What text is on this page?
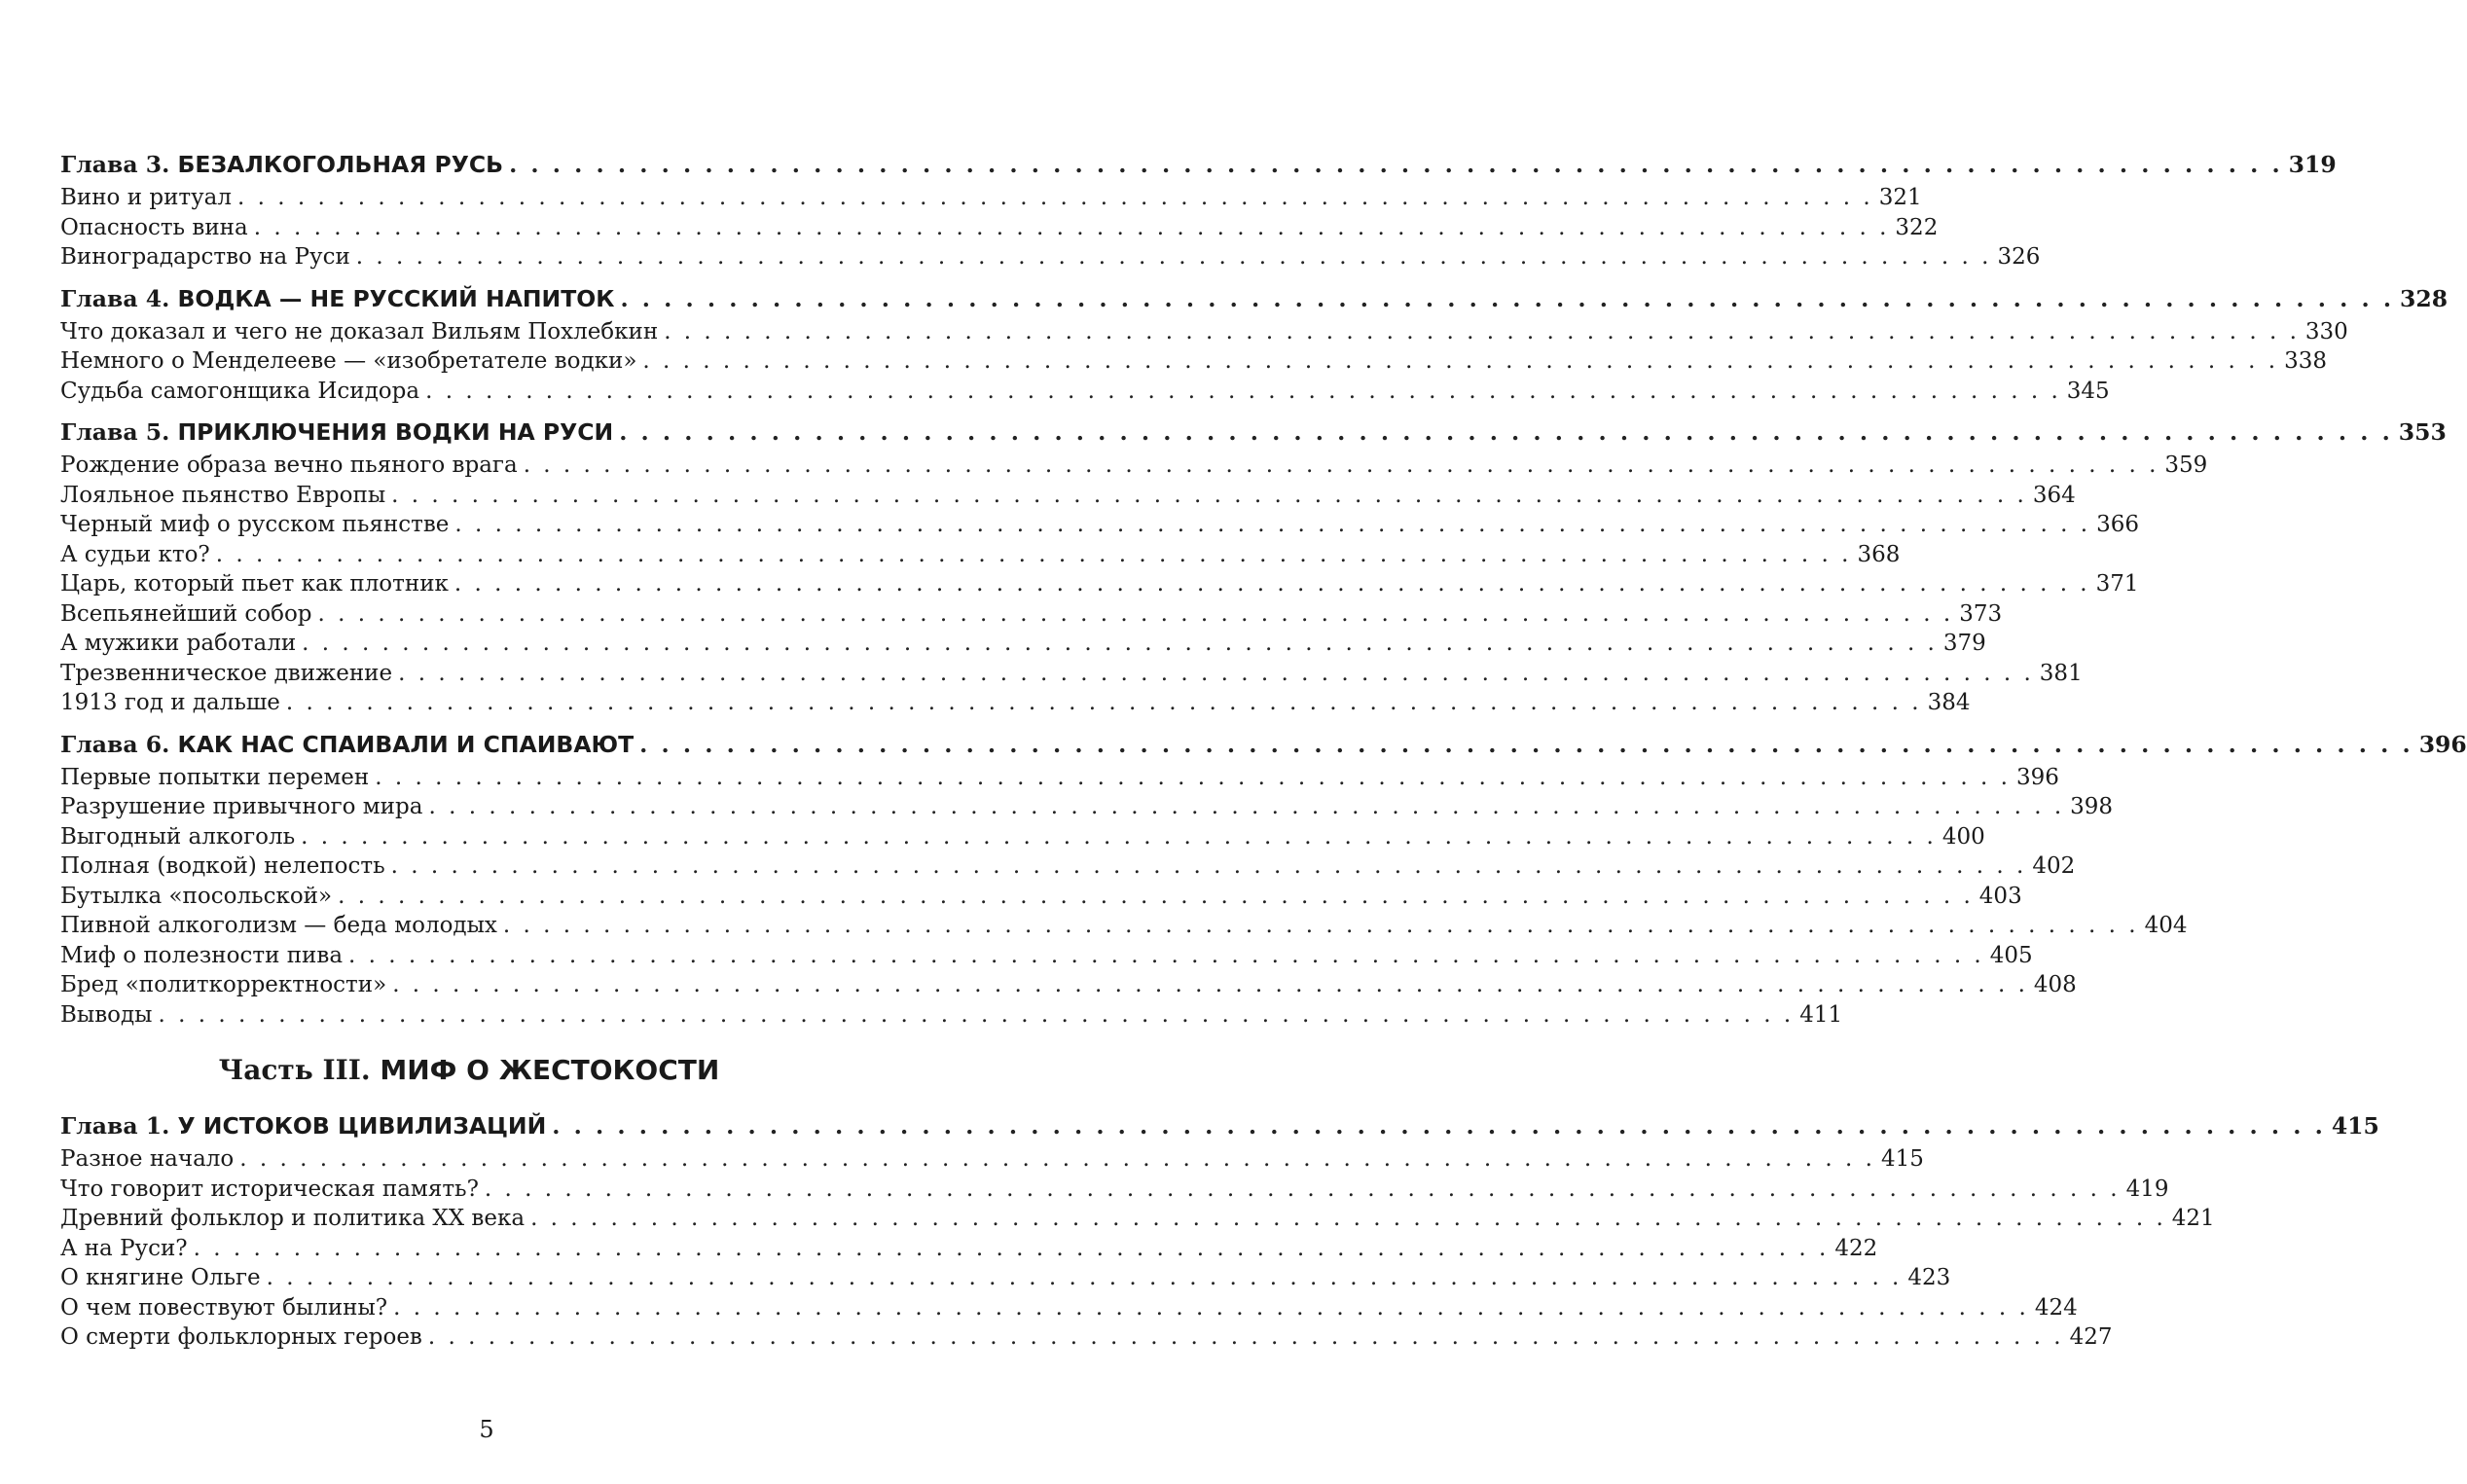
Глава 3. БЕЗАЛКОГОЛЬНАЯ РУСЬ . . . . . . . . . . . . . . . . . . . . . . . . . . . . . . . . . . . . . . . . . . . . . . . . . . . . . . . . . . . . . . . . . . . . . . . . . . . . . . . . . . 319
Вино и ритуал . . . . . . . . . . . . . . . . . . . . . . . . . . . . . . . . . . . . . . . . . . . . . . . . . . . . . . . . . . . . . . . . . . . . . . . . . . . . . . . . . . 321
Опасность вина . . . . . . . . . . . . . . . . . . . . . . . . . . . . . . . . . . . . . . . . . . . . . . . . . . . . . . . . . . . . . . . . . . . . . . . . . . . . . . . . . . 322
Виноградарство на Руси . . . . . . . . . . . . . . . . . . . . . . . . . . . . . . . . . . . . . . . . . . . . . . . . . . . . . . . . . . . . . . . . . . . . . . . . . . . . . . . . . . 326
Глава 4. ВОДКА — НЕ РУССКИЙ НАПИТОК . . . . . . . . . . . . . . . . . . . . . . . . . . . . . . . . . . . . . . . . . . . . . . . . . . . . . . . . . . . . . . . . . . . . . . . . . . . . . . . . . . 328
Что доказал и чего не доказал Вильям Похлебкин . . . . . . . . . . . . . . . . . . . . . . . . . . . . . . . . . . . . . . . . . . . . . . . . . . . . . . . . . . . . . . . . . . . . . . . . . . . . . . . . . . 330
Немного о Менделееве — «изобретателе водки» . . . . . . . . . . . . . . . . . . . . . . . . . . . . . . . . . . . . . . . . . . . . . . . . . . . . . . . . . . . . . . . . . . . . . . . . . . . . . . . . . . 338
Судьба самогонщика Исидора . . . . . . . . . . . . . . . . . . . . . . . . . . . . . . . . . . . . . . . . . . . . . . . . . . . . . . . . . . . . . . . . . . . . . . . . . . . . . . . . . . 345
Глава 5. ПРИКЛЮЧЕНИЯ ВОДКИ НА РУСИ . . . . . . . . . . . . . . . . . . . . . . . . . . . . . . . . . . . . . . . . . . . . . . . . . . . . . . . . . . . . . . . . . . . . . . . . . . . . . . . . . . 353
Рождение образа вечно пьяного врага . . . . . . . . . . . . . . . . . . . . . . . . . . . . . . . . . . . . . . . . . . . . . . . . . . . . . . . . . . . . . . . . . . . . . . . . . . . . . . . . . . 359
Лояльное пьянство Европы . . . . . . . . . . . . . . . . . . . . . . . . . . . . . . . . . . . . . . . . . . . . . . . . . . . . . . . . . . . . . . . . . . . . . . . . . . . . . . . . . . 364
Черный миф о русском пьянстве . . . . . . . . . . . . . . . . . . . . . . . . . . . . . . . . . . . . . . . . . . . . . . . . . . . . . . . . . . . . . . . . . . . . . . . . . . . . . . . . . . 366
А судьи кто? . . . . . . . . . . . . . . . . . . . . . . . . . . . . . . . . . . . . . . . . . . . . . . . . . . . . . . . . . . . . . . . . . . . . . . . . . . . . . . . . . . 368
Царь, который пьет как плотник . . . . . . . . . . . . . . . . . . . . . . . . . . . . . . . . . . . . . . . . . . . . . . . . . . . . . . . . . . . . . . . . . . . . . . . . . . . . . . . . . . 371
Всепьянейший собор . . . . . . . . . . . . . . . . . . . . . . . . . . . . . . . . . . . . . . . . . . . . . . . . . . . . . . . . . . . . . . . . . . . . . . . . . . . . . . . . . . 373
А мужики работали . . . . . . . . . . . . . . . . . . . . . . . . . . . . . . . . . . . . . . . . . . . . . . . . . . . . . . . . . . . . . . . . . . . . . . . . . . . . . . . . . . 379
Трезвенническое движение . . . . . . . . . . . . . . . . . . . . . . . . . . . . . . . . . . . . . . . . . . . . . . . . . . . . . . . . . . . . . . . . . . . . . . . . . . . . . . . . . . 381
1913 год и дальше . . . . . . . . . . . . . . . . . . . . . . . . . . . . . . . . . . . . . . . . . . . . . . . . . . . . . . . . . . . . . . . . . . . . . . . . . . . . . . . . . . 384
Глава 6. КАК НАС СПАИВАЛИ И СПАИВАЮТ . . . . . . . . . . . . . . . . . . . . . . . . . . . . . . . . . . . . . . . . . . . . . . . . . . . . . . . . . . . . . . . . . . . . . . . . . . . . . . . . . . 396
Первые попытки перемен . . . . . . . . . . . . . . . . . . . . . . . . . . . . . . . . . . . . . . . . . . . . . . . . . . . . . . . . . . . . . . . . . . . . . . . . . . . . . . . . . . 396
Разрушение привычного мира . . . . . . . . . . . . . . . . . . . . . . . . . . . . . . . . . . . . . . . . . . . . . . . . . . . . . . . . . . . . . . . . . . . . . . . . . . . . . . . . . . 398
Выгодный алкоголь . . . . . . . . . . . . . . . . . . . . . . . . . . . . . . . . . . . . . . . . . . . . . . . . . . . . . . . . . . . . . . . . . . . . . . . . . . . . . . . . . . 400
Полная (водкой) нелепость . . . . . . . . . . . . . . . . . . . . . . . . . . . . . . . . . . . . . . . . . . . . . . . . . . . . . . . . . . . . . . . . . . . . . . . . . . . . . . . . . . 402
Бутылка «посольской» . . . . . . . . . . . . . . . . . . . . . . . . . . . . . . . . . . . . . . . . . . . . . . . . . . . . . . . . . . . . . . . . . . . . . . . . . . . . . . . . . . 403
Пивной алкоголизм — беда молодых . . . . . . . . . . . . . . . . . . . . . . . . . . . . . . . . . . . . . . . . . . . . . . . . . . . . . . . . . . . . . . . . . . . . . . . . . . . . . . . . . . 404
Миф о полезности пива . . . . . . . . . . . . . . . . . . . . . . . . . . . . . . . . . . . . . . . . . . . . . . . . . . . . . . . . . . . . . . . . . . . . . . . . . . . . . . . . . . 405
Бред «политкорректности» . . . . . . . . . . . . . . . . . . . . . . . . . . . . . . . . . . . . . . . . . . . . . . . . . . . . . . . . . . . . . . . . . . . . . . . . . . . . . . . . . . 408
Выводы . . . . . . . . . . . . . . . . . . . . . . . . . . . . . . . . . . . . . . . . . . . . . . . . . . . . . . . . . . . . . . . . . . . . . . . . . . . . . . . . . . 411
Часть III. МИФ О ЖЕСТОКОСТИ
Глава 1. У ИСТОКОВ ЦИВИЛИЗАЦИЙ . . . . . . . . . . . . . . . . . . . . . . . . . . . . . . . . . . . . . . . . . . . . . . . . . . . . . . . . . . . . . . . . . . . . . . . . . . . . . . . . . . 415
Разное начало . . . . . . . . . . . . . . . . . . . . . . . . . . . . . . . . . . . . . . . . . . . . . . . . . . . . . . . . . . . . . . . . . . . . . . . . . . . . . . . . . . 415
Что говорит историческая память? . . . . . . . . . . . . . . . . . . . . . . . . . . . . . . . . . . . . . . . . . . . . . . . . . . . . . . . . . . . . . . . . . . . . . . . . . . . . . . . . . . 419
Древний фольклор и политика XX века . . . . . . . . . . . . . . . . . . . . . . . . . . . . . . . . . . . . . . . . . . . . . . . . . . . . . . . . . . . . . . . . . . . . . . . . . . . . . . . . . . 421
А на Руси? . . . . . . . . . . . . . . . . . . . . . . . . . . . . . . . . . . . . . . . . . . . . . . . . . . . . . . . . . . . . . . . . . . . . . . . . . . . . . . . . . . 422
О княгине Ольге . . . . . . . . . . . . . . . . . . . . . . . . . . . . . . . . . . . . . . . . . . . . . . . . . . . . . . . . . . . . . . . . . . . . . . . . . . . . . . . . . . 423
О чем повествуют былины? . . . . . . . . . . . . . . . . . . . . . . . . . . . . . . . . . . . . . . . . . . . . . . . . . . . . . . . . . . . . . . . . . . . . . . . . . . . . . . . . . . 424
О смерти фольклорных героев . . . . . . . . . . . . . . . . . . . . . . . . . . . . . . . . . . . . . . . . . . . . . . . . . . . . . . . . . . . . . . . . . . . . . . . . . . . . . . . . . . 427
5
